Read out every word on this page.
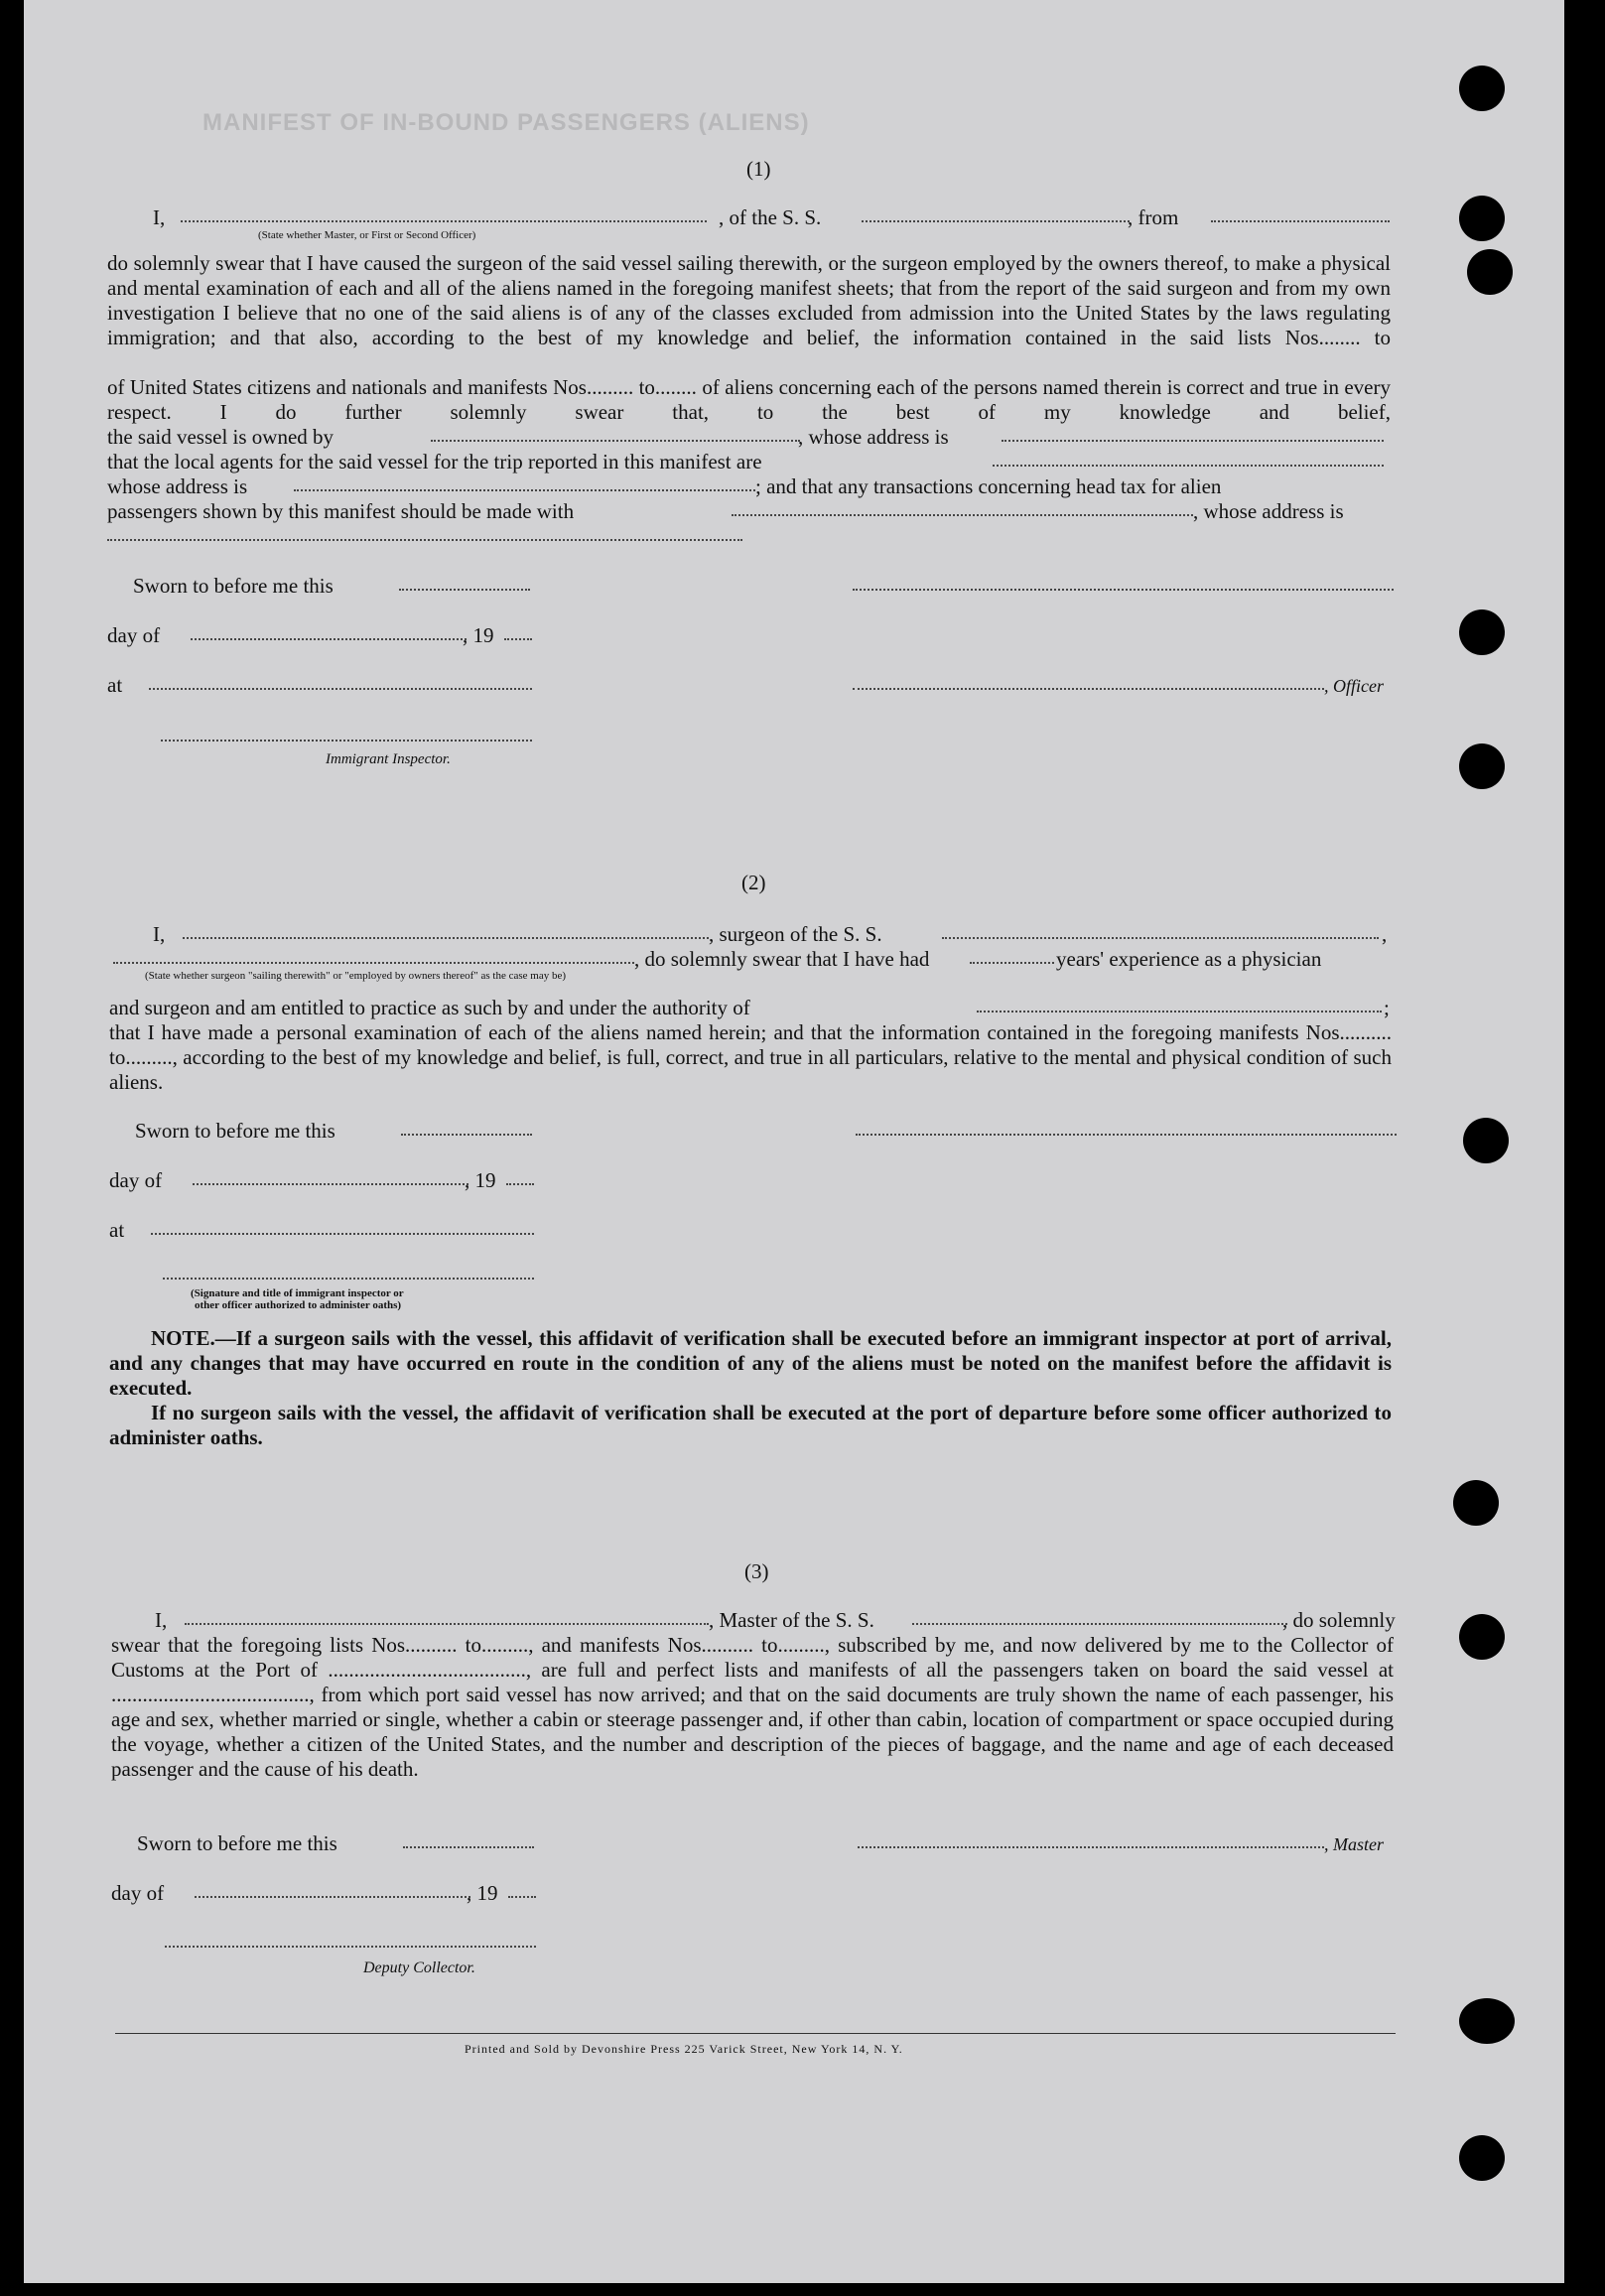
MANIFEST OF IN-BOUND PASSENGERS (ALIENS)
(1)
I,	, of the S. S.	, from
(State whether Master, or First or Second Officer)
do solemnly swear that I have caused the surgeon of the said vessel sailing therewith, or the surgeon employed by the owners thereof, to make a physical and mental examination of each and all of the aliens named in the foregoing manifest sheets; that from the report of the said surgeon and from my own investigation I believe that no one of the said aliens is of any of the classes excluded from admission into the United States by the laws regulating immigration; and that also, according to the best of my knowledge and belief, the information contained in the said lists Nos........ to
of United States citizens and nationals and manifests Nos......... to........ of aliens concerning each of the persons named therein is correct and true in every respect. I do further solemnly swear that, to the best of my knowledge and belief,
the said vessel is owned by	, whose address is
that the local agents for the said vessel for the trip reported in this manifest are
whose address is	; and that any transactions concerning head tax for alien
passengers shown by this manifest should be made with	, whose address is
Sworn to before me this
day of	, 19
at	, Officer
Immigrant Inspector.
(2)
I,	, surgeon of the S. S.	,
, do solemnly swear that I have had	years' experience as a physician
(State whether surgeon "sailing therewith" or "employed by owners thereof" as the case may be)
and surgeon and am entitled to practice as such by and under the authority of	;
that I have made a personal examination of each of the aliens named herein; and that the information contained in the foregoing manifests Nos.......... to........., according to the best of my knowledge and belief, is full, correct, and true in all particulars, relative to the mental and physical condition of such aliens.
Sworn to before me this
day of	, 19
at
(Signature and title of immigrant inspector or
other officer authorized to administer oaths)
NOTE.—If a surgeon sails with the vessel, this affidavit of verification shall be executed before an immigrant inspector at port of arrival, and any changes that may have occurred en route in the condition of any of the aliens must be noted on the manifest before the affidavit is executed.
If no surgeon sails with the vessel, the affidavit of verification shall be executed at the port of departure before some officer authorized to administer oaths.
(3)
I,	, Master of the S. S.	, do solemnly
swear that the foregoing lists Nos.......... to........., and manifests Nos.......... to........., subscribed by me, and now delivered by me to the Collector of Customs at the Port of ......................................, are full and perfect lists and manifests of all the passengers taken on board the said vessel at ......................................, from which port said vessel has now arrived; and that on the said documents are truly shown the name of each passenger, his age and sex, whether married or single, whether a cabin or steerage passenger and, if other than cabin, location of compartment or space occupied during the voyage, whether a citizen of the United States, and the number and description of the pieces of baggage, and the name and age of each deceased passenger and the cause of his death.
Sworn to before me this	, Master
day of	, 19
Deputy Collector.
Printed and Sold by Devonshire Press 225 Varick Street, New York 14, N. Y.
